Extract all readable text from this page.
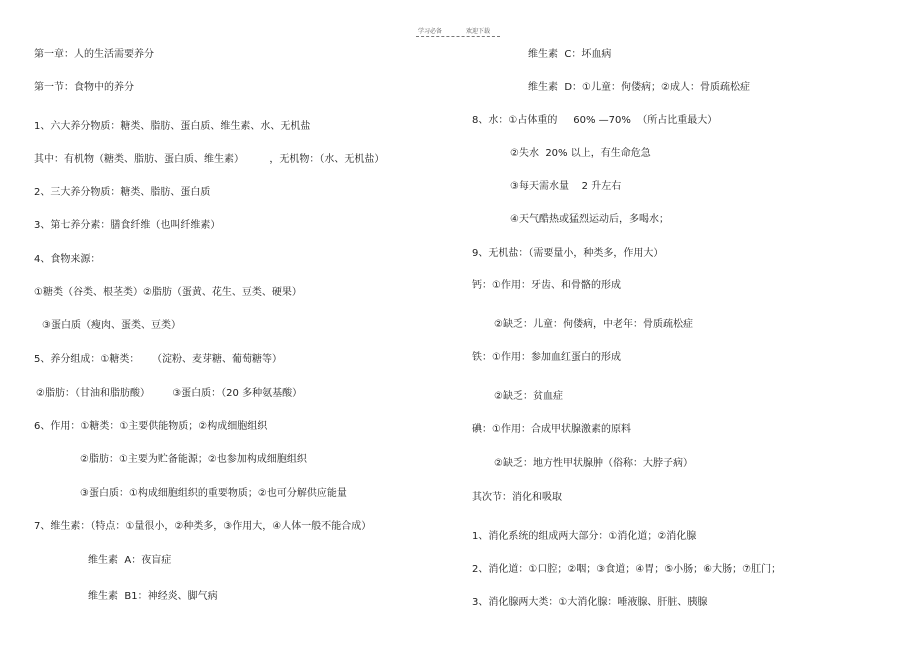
学习必备	欢迎下载
第一章：人的生活需要养分
第一节：食物中的养分
1、六大养分物质：糖类、脂肪、蛋白质、维生素、水、无机盐
其中：有机物（糖类、脂肪、蛋白质、维生素）        ，无机物：（水、无机盐）
2、三大养分物质：糖类、脂肪、蛋白质
3、第七养分素：膳食纤维（也叫纤维素）
4、食物来源：
①糖类（谷类、根茎类）②脂肪（蛋黄、花生、豆类、硬果）
③蛋白质（瘦肉、蛋类、豆类）
5、养分组成：①糖类：    （淀粉、麦芽糖、葡萄糖等）
②脂肪：（甘油和脂肪酸）       ③蛋白质：（20 多种氨基酸）
6、作用：①糖类：①主要供能物质；②构成细胞组织
②脂肪：①主要为贮备能源；②也参加构成细胞组织
③蛋白质：①构成细胞组织的重要物质；②也可分解供应能量
7、维生素：（特点：①量很小，②种类多，③作用大，④人体一般不能合成）
维生素  A：夜盲症
维生素  B1：神经炎、脚气病
维生素  C：坏血病
维生素  D：①儿童：佝偻病；②成人：骨质疏松症
8、水：①占体重的     60% —70%  （所占比重最大）
②失水  20% 以上，有生命危急
③每天需水量    2 升左右
④天气酷热或猛烈运动后，多喝水；
9、无机盐：（需要量小，种类多，作用大）
钙：①作用：牙齿、和骨骼的形成
②缺乏：儿童：佝偻病，中老年：骨质疏松症
铁：①作用：参加血红蛋白的形成
②缺乏：贫血症
碘：①作用：合成甲状腺激素的原料
②缺乏：地方性甲状腺肿（俗称：大脖子病）
其次节：消化和吸取
1、消化系统的组成两大部分：①消化道；②消化腺
2、消化道：①口腔；②咽；③食道；④胃；⑤小肠；⑥大肠；⑦肛门；
3、消化腺两大类：①大消化腺：唾液腺、肝脏、胰腺
